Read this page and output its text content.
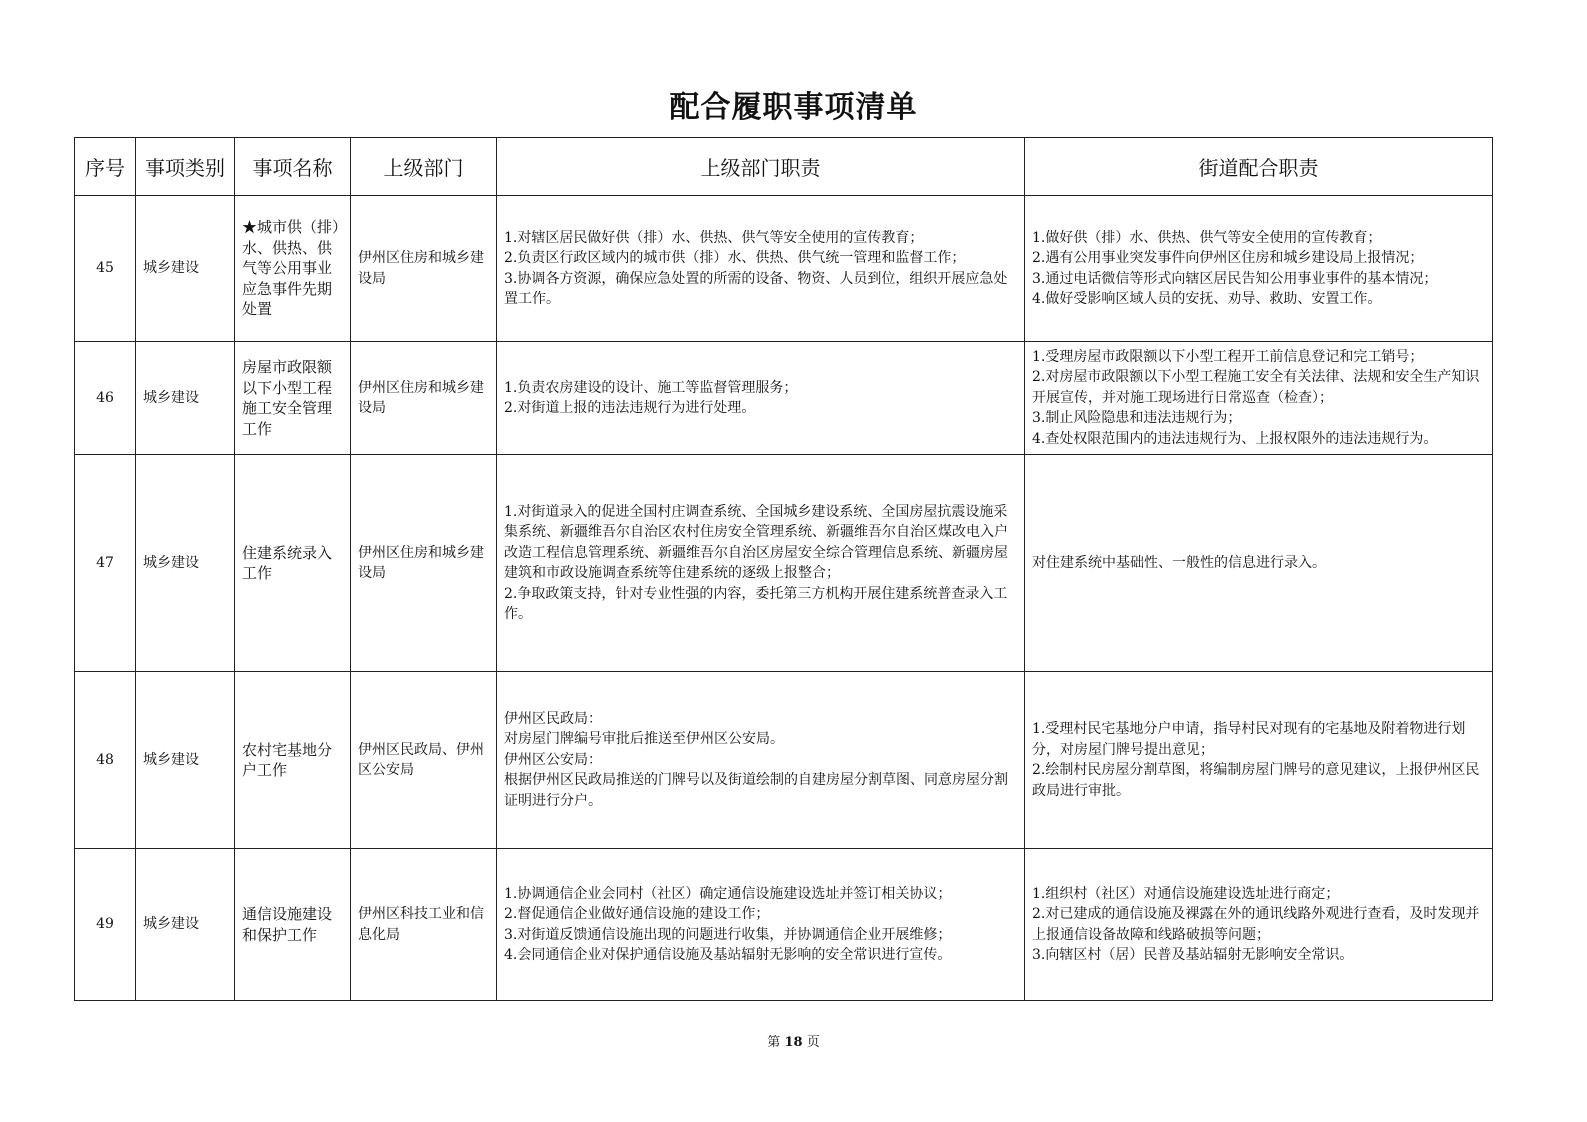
配合履职事项清单
序号	事项类别	事项名称	上级部门	上级部门职责	街道配合职责
45	城乡建设	★城市供（排）水、供热、供气等公用事业应急事件先期处置	伊州区住房和城乡建设局	1.对辖区居民做好供（排）水、供热、供气等安全使用的宣传教育；
2.负责区行政区域内的城市供（排）水、供热、供气统一管理和监督工作；
3.协调各方资源，确保应急处置的所需的设备、物资、人员到位，组织开展应急处置工作。	1.做好供（排）水、供热、供气等安全使用的宣传教育；
2.遇有公用事业突发事件向伊州区住房和城乡建设局上报情况；
3.通过电话微信等形式向辖区居民告知公用事业事件的基本情况；
4.做好受影响区域人员的安抚、劝导、救助、安置工作。

46	城乡建设	房屋市政限额以下小型工程施工安全管理工作	伊州区住房和城乡建设局	1.负责农房建设的设计、施工等监督管理服务；
2.对街道上报的违法违规行为进行处理。	1.受理房屋市政限额以下小型工程开工前信息登记和完工销号；
2.对房屋市政限额以下小型工程施工安全有关法律、法规和安全生产知识开展宣传，并对施工现场进行日常巡查（检查）；
3.制止风险隐患和违法违规行为；
4.查处权限范围内的违法违规行为、上报权限外的违法违规行为。

47	城乡建设	住建系统录入工作	伊州区住房和城乡建设局	1.对街道录入的促进全国村庄调查系统、全国城乡建设系统、全国房屋抗震设施采集系统、新疆维吾尔自治区农村住房安全管理系统、新疆维吾尔自治区煤改电入户改造工程信息管理系统、新疆维吾尔自治区房屋安全综合管理信息系统、新疆房屋建筑和市政设施调查系统等住建系统的逐级上报整合；
2.争取政策支持，针对专业性强的内容，委托第三方机构开展住建系统普查录入工作。	对住建系统中基础性、一般性的信息进行录入。

48	城乡建设	农村宅基地分户工作	伊州区民政局、伊州区公安局	伊州区民政局：
对房屋门牌编号审批后推送至伊州区公安局。
伊州区公安局：
根据伊州区民政局推送的门牌号以及街道绘制的自建房屋分割草图、同意房屋分割证明进行分户。	1.受理村民宅基地分户申请，指导村民对现有的宅基地及附着物进行划分，对房屋门牌号提出意见；
2.绘制村民房屋分割草图，将编制房屋门牌号的意见建议，上报伊州区民政局进行审批。

49	城乡建设	通信设施建设和保护工作	伊州区科技工业和信息化局	1.协调通信企业会同村（社区）确定通信设施建设选址并签订相关协议；
2.督促通信企业做好通信设施的建设工作；
3.对街道反馈通信设施出现的问题进行收集，并协调通信企业开展维修；
4.会同通信企业对保护通信设施及基站辐射无影响的安全常识进行宣传。	1.组织村（社区）对通信设施建设选址进行商定；
2.对已建成的通信设施及裸露在外的通讯线路外观进行查看，及时发现并上报通信设备故障和线路破损等问题；
3.向辖区村（居）民普及基站辐射无影响安全常识。
第 18 页
